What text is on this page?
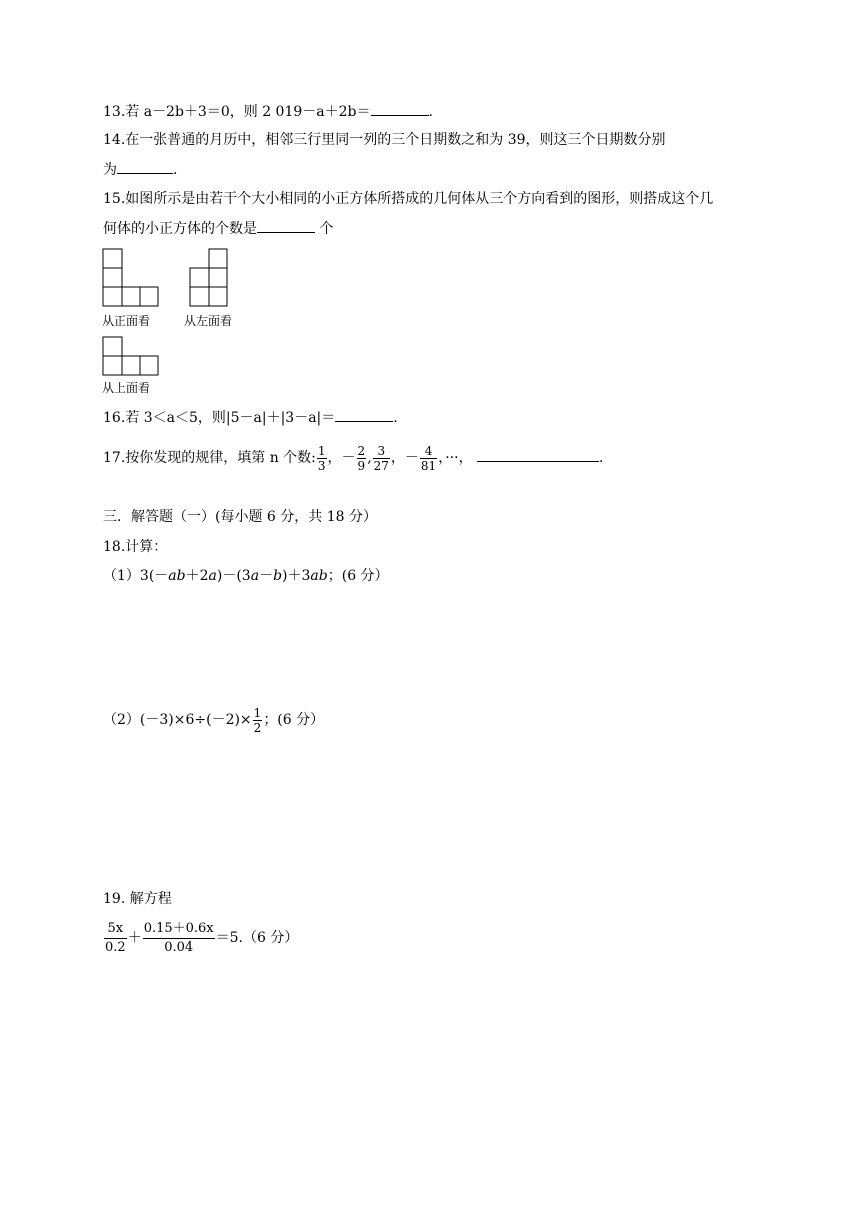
13.若 a－2b＋3＝0，则 2 019－a＋2b＝	.
14.在一张普通的月历中，相邻三行里同一列的三个日期数之和为 39，则这三个日期数分别
为	.
15.如图所示是由若干个大小相同的小正方体所搭成的几何体从三个方向看到的图形，则搭成这个几
何体的小正方体的个数是	个
从正面看	从左面看
从上面看
16.若 3＜a＜5，则|5－a|＋|3－a|＝	.
17.按你发现的规律，填第 n 个数: $\frac{1}{3}$ ，－ $\frac{2}{9}$ , $\frac{3}{27}$ ，－ $\frac{4}{81}$ ，···，	.
三．解答题（一）(每小题 6 分，共 18 分）
18.计算：
（1）3(－ab＋2a)－(3a－b)＋3ab；(6 分）
$(2)(-3)\times 6\div(-2)\times \frac{1}{2}$ ；(6 分）
19. 解方程
$\frac{5x}{0.2} + \frac{0.15+0.6x}{0.04} =5.(6$ 分）
